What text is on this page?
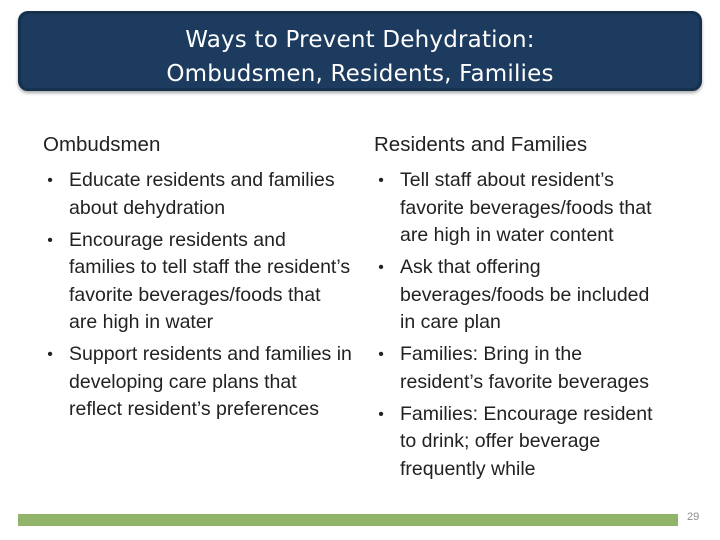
Ways to Prevent Dehydration:
Ombudsmen, Residents, Families
Ombudsmen
• Educate residents and families about dehydration
• Encourage residents and families to tell staff the resident’s favorite beverages/foods that are high in water
• Support residents and families in developing care plans that reflect resident’s preferences
Residents and Families
• Tell staff about resident’s favorite beverages/foods that are high in water content
• Ask that offering beverages/foods be included in care plan
• Families: Bring in the resident’s favorite beverages
• Families: Encourage resident to drink; offer beverage frequently while
29
